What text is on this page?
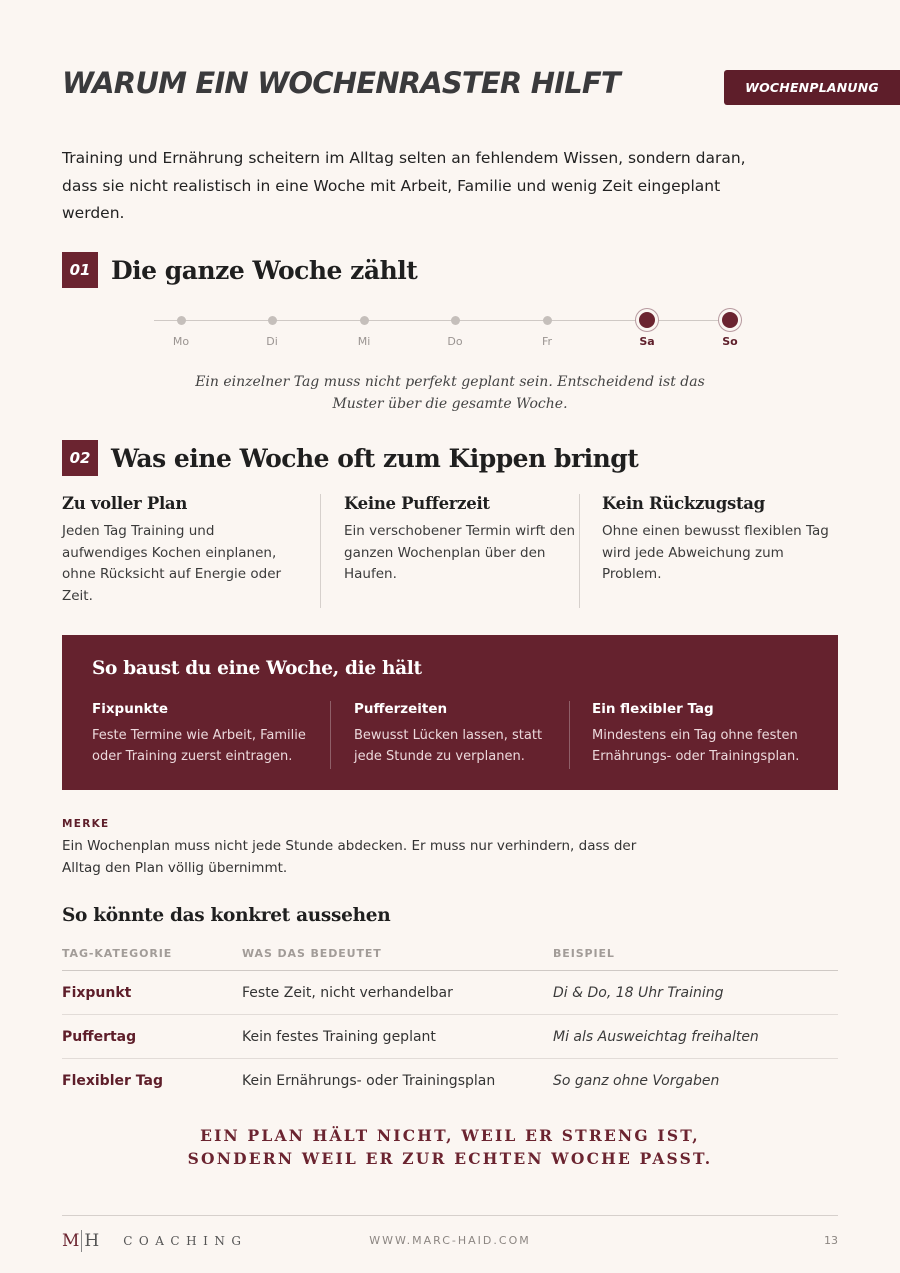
WARUM EIN WOCHENRASTER HILFT	WOCHENPLANUNG

Training und Ernährung scheitern im Alltag selten an fehlendem Wissen, sondern daran, dass sie nicht realistisch in eine Woche mit Arbeit, Familie und wenig Zeit eingeplant werden.

01 Die ganze Woche zählt
Mo	Di	Mi	Do	Fr	Sa	So

Ein einzelner Tag muss nicht perfekt geplant sein. Entscheidend ist das Muster über die gesamte Woche.

02 Was eine Woche oft zum Kippen bringt
Zu voller Plan

Jeden Tag Training und aufwendiges Kochen einplanen, ohne Rücksicht auf Energie oder Zeit.

Keine Pufferzeit

Ein verschobener Termin wirft den ganzen Wochenplan über den Haufen.

Kein Rückzugstag

Ohne einen bewusst flexiblen Tag wird jede Abweichung zum Problem.

So baust du eine Woche, die hält
Fixpunkte

Feste Termine wie Arbeit, Familie oder Training zuerst eintragen.

Pufferzeiten

Bewusst Lücken lassen, statt jede Stunde zu verplanen.

Ein flexibler Tag

Mindestens ein Tag ohne festen Ernährungs- oder Trainingsplan.

MERKE

Ein Wochenplan muss nicht jede Stunde abdecken. Er muss nur verhindern, dass der Alltag den Plan völlig übernimmt.

So könnte das konkret aussehen
TAG-KATEGORIE	WAS DAS BEDEUTET	BEISPIEL
Fixpunkt	Feste Zeit, nicht verhandelbar	Di & Do, 18 Uhr Training
Puffertag	Kein festes Training geplant	Mi als Ausweichtag freihalten
Flexibler Tag	Kein Ernährungs- oder Trainingsplan	So ganz ohne Vorgaben

EIN PLAN HÄLT NICHT, WEIL ER STRENG IST,
SONDERN WEIL ER ZUR ECHTEN WOCHE PASST.

M H COACHING	WWW.MARC-HAID.COM	13
